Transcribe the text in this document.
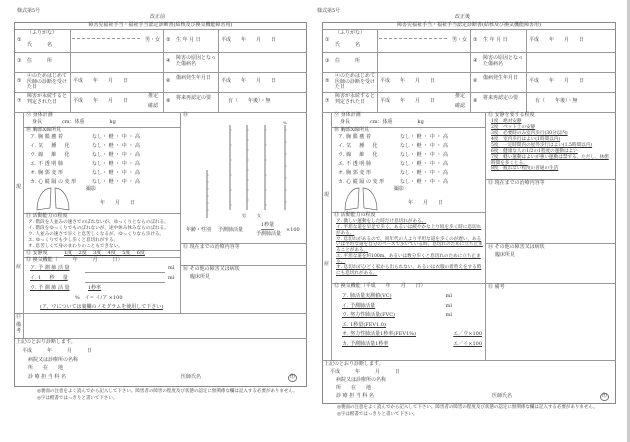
様式第5号
改正前
障害児福祉手当・福祉手当認定診断書(結核及び換気機能障害用)
①
（ふりがな）
氏　　　名
男・女 ② 生 年 月 日	平成　　年　　月　　日
③ 住　　　所	④ 障害の原因となった傷病名
⑤
④のためはじめて医師の診断を受けた日
平成　　年　　月　　日	⑥ 傷病発生年月日	平成　　年　　月　　日
⑦
障害が永続すると判定された日	平成　　年　　月　　日
推定
確認
⑧ 将来再認定の要	有（　　年後）・無
現
症
⑨ 身体計測
身長　　　　cm：体重　　　　　kg
⑩ 胸部X線所見
ア. 胸 膜 癒 着	なし・ 軽 ・ 中 ・ 高
イ. 気 　 腫 　 化	なし・ 軽 ・ 中 ・ 高
ウ. 線 　 維 　 化	なし・ 軽 ・ 中 ・ 高
エ. 不 透 明 肺	なし・ 軽 ・ 中 ・ 高
オ. 胸 郭 変 形	なし・ 軽 ・ 中 ・ 高
カ. 心 縦 隔 の 変 形	なし・ 軽 ・ 中 ・ 高
撮影
年　　月　　日
⑪ 活動能力の程度
ア. 階段を人並みの速さでのぼれないが、ゆっくりとならのぼれる。
イ. 階段をゆっくりでものぼれないが、途中休み休みならのぼれる。
ウ. 人並みの速さで歩くと息苦しくなるが、ゆっくりなら歩ける。
エ. ゆっくりでも少し歩くと息切れがする。
オ. 息苦しくて身のまわりのこともできない。
⑫ 安静度	1度 2度 3度 4度 5度 6度
⑬ 換気機能（　　　年　　　月　　　日）
ア. 予 測 肺 活 量	ml
イ. 1 　 秒 　 量	ml
ウ. 予 測 肺 活 量	1秒率
%　イ= イ/ア ×100
(ア、ウについては裏欄のノモグラムを使用して下さい)
⑭
男	女
%
年齢・性別 予測肺活量
1秒量
予測肺活量
×100
⑮ 現在までの治療内容等
⑯ その他の障害又は病状
臨床所見
⑰
備考
上記のとおり診断します。
平成　　　年　　　月　　　日
病院又は診療所の名称
所　　在　　地
診 療 担 当 科 名	医師氏名	印
◎裏面の注意をよく読んでから記入して下さい。障害者の障害の程度及び状態の認定に無関係な欄は記入する必要がありません。
◎字は楷書ではっきりと書いて下さい。
様式第5号
改正後
障害児福祉手当・福祉手当認定診断書(結核及び換気機能障害用)
①
（ふりがな）
氏　　　名
男・女 ② 生 年 月 日	平成　　年　　月　　日
③ 住　　　所	④ 障害の原因となった傷病名
⑤
④のためはじめて医師の診断を受けた日
平成　　年　　月　　日	⑥ 傷病発生年月日	平成　　年　　月　　日
⑦
障害が永続すると判定された日	平成　　年　　月　　日
推定
確認
⑧ 将来再認定の要	有（　　年後）・無
現
症
⑨ 身体計測
身長　　　　cm：体重　　　　　kg
⑩ 胸部X線所見
ア. 胸 膜 癒 着	なし・ 軽 ・ 中 ・ 高
イ. 気 　 腫 　 化	なし・ 軽 ・ 中 ・ 高
ウ. 線 　 維 　 化	なし・ 軽 ・ 中 ・ 高
エ. 不 透 明 肺	なし・ 軽 ・ 中 ・ 高
オ. 胸 郭 変 形	なし・ 軽 ・ 中 ・ 高
カ. 心 縦 隔 の 変 形	なし・ 軽 ・ 中 ・ 高
撮影
年　　月　　日
⑪ 活動能力の程度
ア. 激しい運動をした時だけ息切れがある。
イ. 平坦な道を早足で歩く、あるいは緩やかな上り坂を歩く時に息切れがある。
ウ. 息切れがあるので、同年代の人より平坦な道を歩くのが遅い、あるいは平坦な道を自分のペースで歩いている時、息切れのために立ち止まることがある。
エ. 平坦な道を約100m、あるいは数分歩くと息切れのために立ち止まる。
オ. 息切れがひどく家から出られない、あるいは衣服の着替えをする時にも息切れがある。
⑫ 換気機能（平成　　年　　月　　日）
ア. 肺活量実測値(VC)	ml
イ. 予測肺活量	ml
ウ. 努力性肺活量(FVC)	ml
エ. 1秒量(FEV1.0)
オ. 努力性肺活量1秒率(FEV1%)	エ／ウ×100
カ. 予測肺活量1秒率	エ／イ×100
⑫ 安静を要する程度
1度　絶対安静
2度　ベット上の安静
3度　必要時のみ室内歩行(30分以内)
4度　室内歩行はよい(1時間以内)
5度　一定時間内の屋外歩行はよい(1.5時間以内)
6度　健康な人の1/2の1程度の運動はよい
7度　軽い運動はよいが強い運動は禁ずる。ただし、休憩時間を多くとる。
8度　疲れない程度の普通の生活
⑬ 現在までの治療内容等
⑭ その他の障害又は病状
臨床所見
⑮ 備考
上記のとおり診断します。
平成　　　年　　　月　　　日
病院又は診療所の名称
所　　在　　地
診 療 担 当 科 名	医師氏名	印
◎裏面の注意をよく読んでから記入して下さい。障害者の障害の程度及び状態の認定に無関係な欄は記入する必要がありません。
◎字は楷書ではっきりと書いて下さい。
